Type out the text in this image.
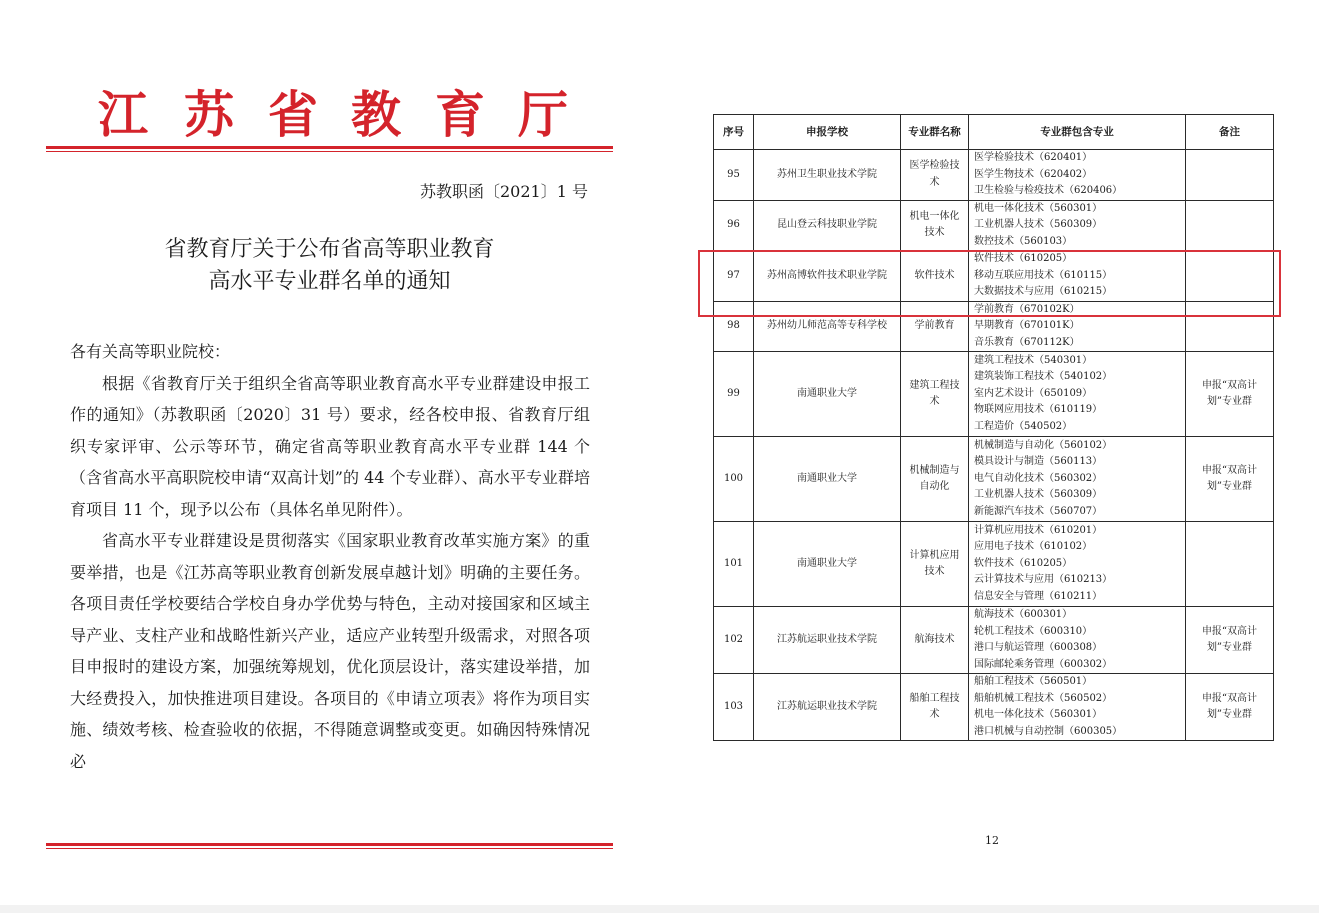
江 苏 省 教 育 厅
苏教职函〔2021〕1 号
省教育厅关于公布省高等职业教育
高水平专业群名单的通知

各有关高等职业院校：

根据《省教育厅关于组织全省高等职业教育高水平专业群建设申报工作的通知》（苏教职函〔2020〕31 号）要求，经各校申报、省教育厅组织专家评审、公示等环节，确定省高等职业教育高水平专业群 144 个（含省高水平高职院校申请“双高计划”的 44 个专业群）、高水平专业群培育项目 11 个，现予以公布（具体名单见附件）。

省高水平专业群建设是贯彻落实《国家职业教育改革实施方案》的重要举措，也是《江苏高等职业教育创新发展卓越计划》明确的主要任务。各项目责任学校要结合学校自身办学优势与特色，主动对接国家和区域主导产业、支柱产业和战略性新兴产业，适应产业转型升级需求，对照各项目申报时的建设方案，加强统筹规划，优化顶层设计，落实建设举措，加大经费投入，加快推进项目建设。各项目的《申请立项表》将作为项目实施、绩效考核、检查验收的依据，不得随意调整或变更。如确因特殊情况必

序号	申报学校	专业群名称	专业群包含专业	备注
95	苏州卫生职业技术学院	医学检验技术	医学检验技术（620401）
医学生物技术（620402）
卫生检验与检疫技术（620406）	

96	昆山登云科技职业学院	机电一体化技术	机电一体化技术（560301）
工业机器人技术（560309）
数控技术（560103）	

97	苏州高博软件技术职业学院	软件技术	软件技术（610205）
移动互联应用技术（610115）
大数据技术与应用（610215）	

98	苏州幼儿师范高等专科学校	学前教育	学前教育（670102K）
早期教育（670101K）
音乐教育（670112K）	

99	南通职业大学	建筑工程技术	建筑工程技术（540301）
建筑装饰工程技术（540102）
室内艺术设计（650109）
物联网应用技术（610119）
工程造价（540502）	申报“双高计划”专业群
100	南通职业大学	机械制造与自动化	机械制造与自动化（560102）
模具设计与制造（560113）
电气自动化技术（560302）
工业机器人技术（560309）
新能源汽车技术（560707）	申报“双高计划”专业群
101	南通职业大学	计算机应用技术	计算机应用技术（610201）
应用电子技术（610102）
软件技术（610205）
云计算技术与应用（610213）
信息安全与管理（610211）	

102	江苏航运职业技术学院	航海技术	航海技术（600301）
轮机工程技术（600310）
港口与航运管理（600308）
国际邮轮乘务管理（600302）	申报“双高计划”专业群
103	江苏航运职业技术学院	船舶工程技术	船舶工程技术（560501）
船舶机械工程技术（560502）
机电一体化技术（560301）
港口机械与自动控制（600305）	申报“双高计划”专业群
12
